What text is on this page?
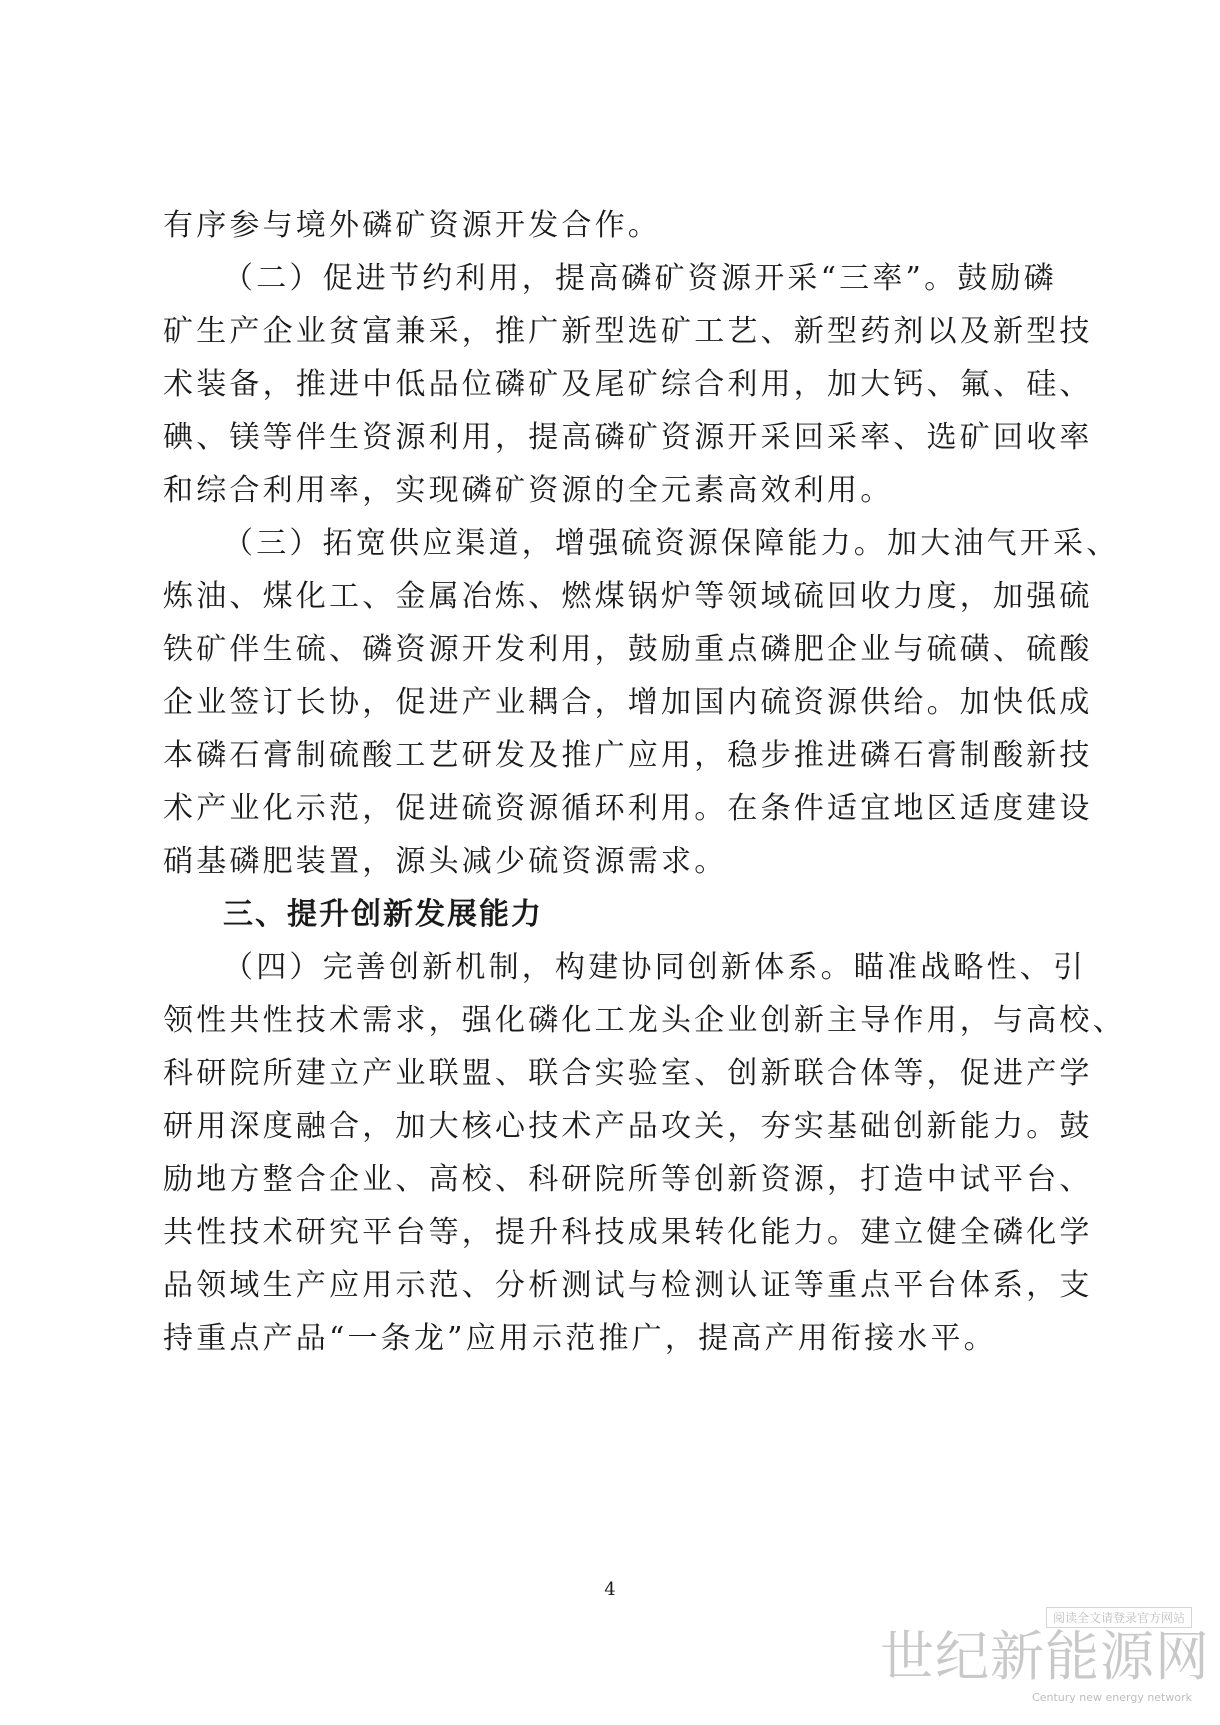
有序参与境外磷矿资源开发合作。
（二）促进节约利用，提高磷矿资源开采“三率”。鼓励磷
矿生产企业贫富兼采，推广新型选矿工艺、新型药剂以及新型技
术装备，推进中低品位磷矿及尾矿综合利用，加大钙、氟、硅、
碘、镁等伴生资源利用，提高磷矿资源开采回采率、选矿回收率
和综合利用率，实现磷矿资源的全元素高效利用。
（三）拓宽供应渠道，增强硫资源保障能力。加大油气开采、
炼油、煤化工、金属冶炼、燃煤锅炉等领域硫回收力度，加强硫
铁矿伴生硫、磷资源开发利用，鼓励重点磷肥企业与硫磺、硫酸
企业签订长协，促进产业耦合，增加国内硫资源供给。加快低成
本磷石膏制硫酸工艺研发及推广应用，稳步推进磷石膏制酸新技
术产业化示范，促进硫资源循环利用。在条件适宜地区适度建设
硝基磷肥装置，源头减少硫资源需求。
三、提升创新发展能力
（四）完善创新机制，构建协同创新体系。瞄准战略性、引
领性共性技术需求，强化磷化工龙头企业创新主导作用，与高校、
科研院所建立产业联盟、联合实验室、创新联合体等，促进产学
研用深度融合，加大核心技术产品攻关，夯实基础创新能力。鼓
励地方整合企业、高校、科研院所等创新资源，打造中试平台、
共性技术研究平台等，提升科技成果转化能力。建立健全磷化学
品领域生产应用示范、分析测试与检测认证等重点平台体系，支
持重点产品“一条龙”应用示范推广，提高产用衔接水平。
4
阅读全文请登录官方网站
世纪新能源网
Century new energy network
